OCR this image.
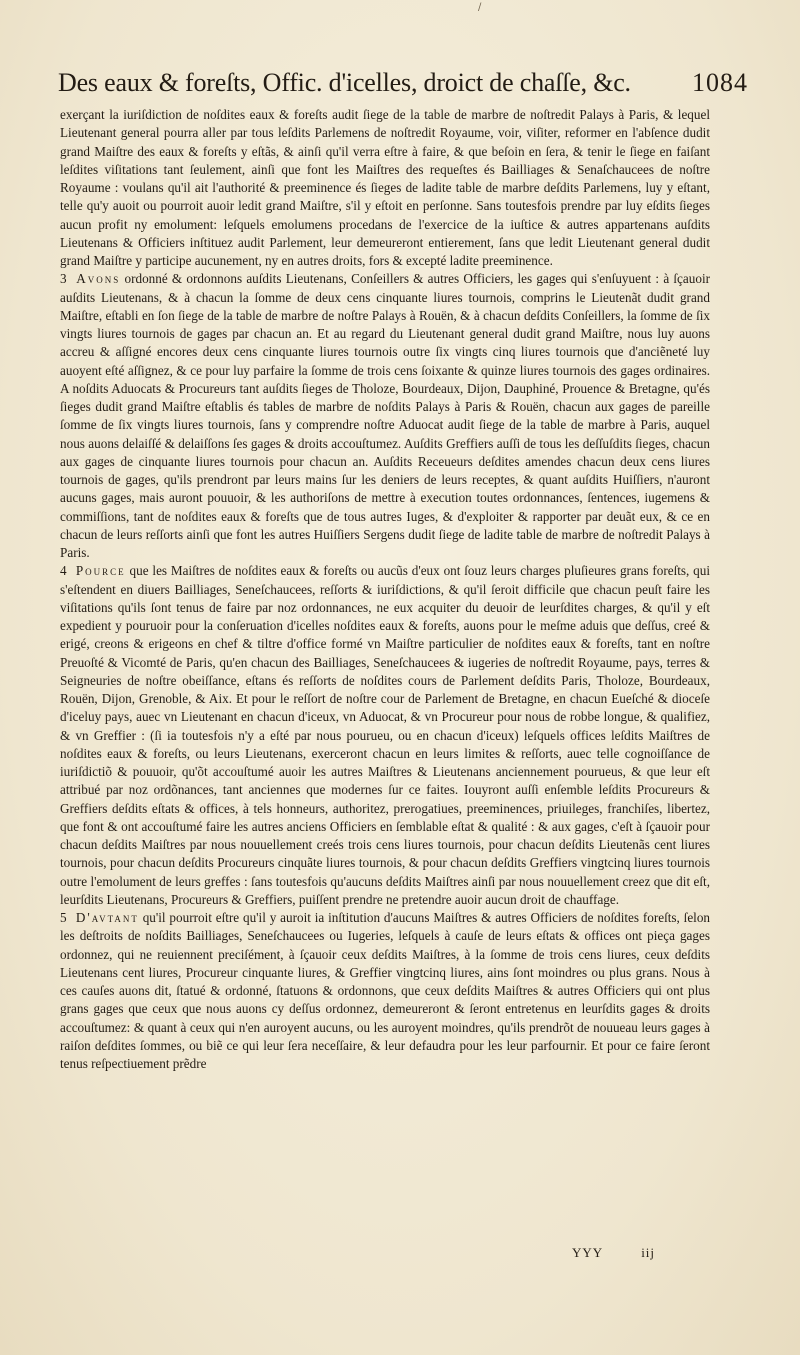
/
Des eaux & foreſts, Offic. d'icelles, droict de chaſſe, &c. 1084

exerçant la iuriſdiction de noſdites eaux & foreſts audit ſiege de la table de marbre de noſtredit Palays à Paris, & lequel Lieutenant general pourra aller par tous leſdits Parlemens de noſtredit Royaume, voir, viſiter, reformer en l'abſence dudit grand Maiſtre des eaux & foreſts y eſtãs, & ainſi qu'il verra eſtre à faire, & que beſoin en ſera, & tenir le ſiege en faiſant leſdites viſitations tant ſeulement, ainſi que font les Maiſtres des requeſtes és Bailliages & Senaſchaucees de noſtre Royaume : voulans qu'il ait l'authorité & preeminence és ſieges de ladite table de marbre deſdits Parlemens, luy y eſtant, telle qu'y auoit ou pourroit auoir ledit grand Maiſtre, s'il y eſtoit en perſonne. Sans toutesfois prendre par luy eſdits ſieges aucun profit ny emolument: leſquels emolumens procedans de l'exercice de la iuſtice & autres appartenans auſdits Lieutenans & Officiers inſtituez audit Parlement, leur demeureront entierement, ſans que ledit Lieutenant general dudit grand Maiſtre y participe aucunement, ny en autres droits, fors & excepté ladite preeminence.

3 Avons ordonné & ordonnons auſdits Lieutenans, Conſeillers & autres Officiers, les gages qui s'enſuyuent : à ſçauoir auſdits Lieutenans, & à chacun la ſomme de deux cens cinquante liures tournois, comprins le Lieutenãt dudit grand Maiſtre, eſtabli en ſon ſiege de la table de marbre de noſtre Palays à Rouën, & à chacun deſdits Conſeillers, la ſomme de ſix vingts liures tournois de gages par chacun an. Et au regard du Lieutenant general dudit grand Maiſtre, nous luy auons accreu & aſſigné encores deux cens cinquante liures tournois outre ſix vingts cinq liures tournois que d'anciẽneté luy auoyent eſté aſſignez, & ce pour luy parfaire la ſomme de trois cens ſoixante & quinze liures tournois des gages ordinaires. A noſdits Aduocats & Procureurs tant auſdits ſieges de Tholoze, Bourdeaux, Dijon, Dauphiné, Prouence & Bretagne, qu'és ſieges dudit grand Maiſtre eſtablis és tables de marbre de noſdits Palays à Paris & Rouën, chacun aux gages de pareille ſomme de ſix vingts liures tournois, ſans y comprendre noſtre Aduocat audit ſiege de la table de marbre à Paris, auquel nous auons delaiſſé & delaiſſons ſes gages & droits accouſtumez. Auſdits Greffiers auſſi de tous les deſſuſdits ſieges, chacun aux gages de cinquante liures tournois pour chacun an. Auſdits Receueurs deſdites amendes chacun deux cens liures tournois de gages, qu'ils prendront par leurs mains ſur les deniers de leurs receptes, & quant auſdits Huiſſiers, n'auront aucuns gages, mais auront pouuoir, & les authoriſons de mettre à execution toutes ordonnances, ſentences, iugemens & commiſſions, tant de noſdites eaux & foreſts que de tous autres Iuges, & d'exploiter & rapporter par deuãt eux, & ce en chacun de leurs reſſorts ainſi que font les autres Huiſſiers Sergens dudit ſiege de ladite table de marbre de noſtredit Palays à Paris.

4 Pource que les Maiſtres de noſdites eaux & foreſts ou aucũs d'eux ont ſouz leurs charges pluſieures grans foreſts, qui s'eſtendent en diuers Bailliages, Seneſchaucees, reſſorts & iuriſdictions, & qu'il ſeroit difficile que chacun peuſt faire les viſitations qu'ils ſont tenus de faire par noz ordonnances, ne eux acquiter du deuoir de leurſdites charges, & qu'il y eſt expedient y pouruoir pour la conſeruation d'icelles noſdites eaux & foreſts, auons pour le meſme aduis que deſſus, creé & erigé, creons & erigeons en chef & tiltre d'office formé vn Maiſtre particulier de noſdites eaux & foreſts, tant en noſtre Preuoſté & Vicomté de Paris, qu'en chacun des Bailliages, Seneſchaucees & iugeries de noſtredit Royaume, pays, terres & Seigneuries de noſtre obeiſſance, eſtans és reſſorts de noſdites cours de Parlement deſdits Paris, Tholoze, Bourdeaux, Rouën, Dijon, Grenoble, & Aix. Et pour le reſſort de noſtre cour de Parlement de Bretagne, en chacun Eueſché & dioceſe d'iceluy pays, auec vn Lieutenant en chacun d'iceux, vn Aduocat, & vn Procureur pour nous de robbe longue, & qualifiez, & vn Greffier : (ſi ia toutesfois n'y a eſté par nous pourueu, ou en chacun d'iceux) leſquels offices leſdits Maiſtres de noſdites eaux & foreſts, ou leurs Lieutenans, exerceront chacun en leurs limites & reſſorts, auec telle cognoiſſance de iuriſdictiõ & pouuoir, qu'õt accouſtumé auoir les autres Maiſtres & Lieutenans anciennement pourueus, & que leur eſt attribué par noz ordõnances, tant anciennes que modernes ſur ce faites. Iouyront auſſi enſemble leſdits Procureurs & Greffiers deſdits eſtats & offices, à tels honneurs, authoritez, prerogatiues, preeminences, priuileges, franchiſes, libertez, que font & ont accouſtumé faire les autres anciens Officiers en ſemblable eſtat & qualité : & aux gages, c'eſt à ſçauoir pour chacun deſdits Maiſtres par nous nouuellement creés trois cens liures tournois, pour chacun deſdits Lieutenãs cent liures tournois, pour chacun deſdits Procureurs cinquãte liures tournois, & pour chacun deſdits Greffiers vingtcinq liures tournois outre l'emolument de leurs greffes : ſans toutesfois qu'aucuns deſdits Maiſtres ainſi par nous nouuellement creez que dit eſt, leurſdits Lieutenans, Procureurs & Greffiers, puiſſent prendre ne pretendre auoir aucun droit de chauffage.

5 D'avtant qu'il pourroit eſtre qu'il y auroit ia inſtitution d'aucuns Maiſtres & autres Officiers de noſdites foreſts, ſelon les deſtroits de noſdits Bailliages, Seneſchaucees ou Iugeries, leſquels à cauſe de leurs eſtats & offices ont pieça gages ordonnez, qui ne reuiennent preciſément, à ſçauoir ceux deſdits Maiſtres, à la ſomme de trois cens liures, ceux deſdits Lieutenans cent liures, Procureur cinquante liures, & Greffier vingtcinq liures, ains ſont moindres ou plus grans. Nous à ces cauſes auons dit, ſtatué & ordonné, ſtatuons & ordonnons, que ceux deſdits Maiſtres & autres Officiers qui ont plus grans gages que ceux que nous auons cy deſſus ordonnez, demeureront & ſeront entretenus en leurſdits gages & droits accouſtumez: & quant à ceux qui n'en auroyent aucuns, ou les auroyent moindres, qu'ils prendrõt de nouueau leurs gages à raiſon deſdites ſommes, ou biẽ ce qui leur ſera neceſſaire, & leur defaudra pour les leur parfournir. Et pour ce faire ſeront tenus reſpectiuement prẽdre

YYY	iij
